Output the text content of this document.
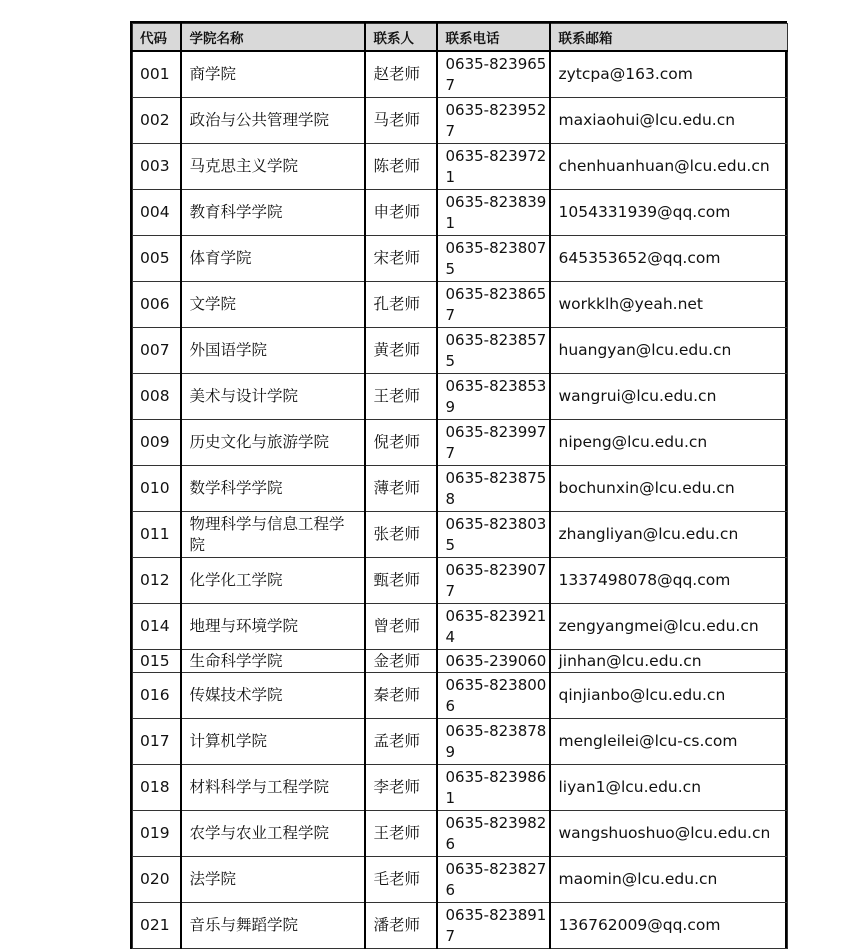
代码	学院名称	联系人	联系电话	联系邮箱
001	商学院	赵老师	0635-8239657	zytcpa@163.com
002	政治与公共管理学院	马老师	0635-8239527	maxiaohui@lcu.edu.cn
003	马克思主义学院	陈老师	0635-8239721	chenhuanhuan@lcu.edu.cn
004	教育科学学院	申老师	0635-8238391	1054331939@qq.com
005	体育学院	宋老师	0635-8238075	645353652@qq.com
006	文学院	孔老师	0635-8238657	workklh@yeah.net
007	外国语学院	黄老师	0635-8238575	huangyan@lcu.edu.cn
008	美术与设计学院	王老师	0635-8238539	wangrui@lcu.edu.cn
009	历史文化与旅游学院	倪老师	0635-8239977	nipeng@lcu.edu.cn
010	数学科学学院	薄老师	0635-8238758	bochunxin@lcu.edu.cn
011	物理科学与信息工程学院	张老师	0635-8238035	zhangliyan@lcu.edu.cn
012	化学化工学院	甄老师	0635-8239077	1337498078@qq.com
014	地理与环境学院	曾老师	0635-8239214	zengyangmei@lcu.edu.cn
015	生命科学学院	金老师	0635-239060	jinhan@lcu.edu.cn
016	传媒技术学院	秦老师	0635-8238006	qinjianbo@lcu.edu.cn
017	计算机学院	孟老师	0635-8238789	mengleilei@lcu-cs.com
018	材料科学与工程学院	李老师	0635-8239861	liyan1@lcu.edu.cn
019	农学与农业工程学院	王老师	0635-8239826	wangshuoshuo@lcu.edu.cn
020	法学院	毛老师	0635-8238276	maomin@lcu.edu.cn
021	音乐与舞蹈学院	潘老师	0635-8238917	136762009@qq.com
